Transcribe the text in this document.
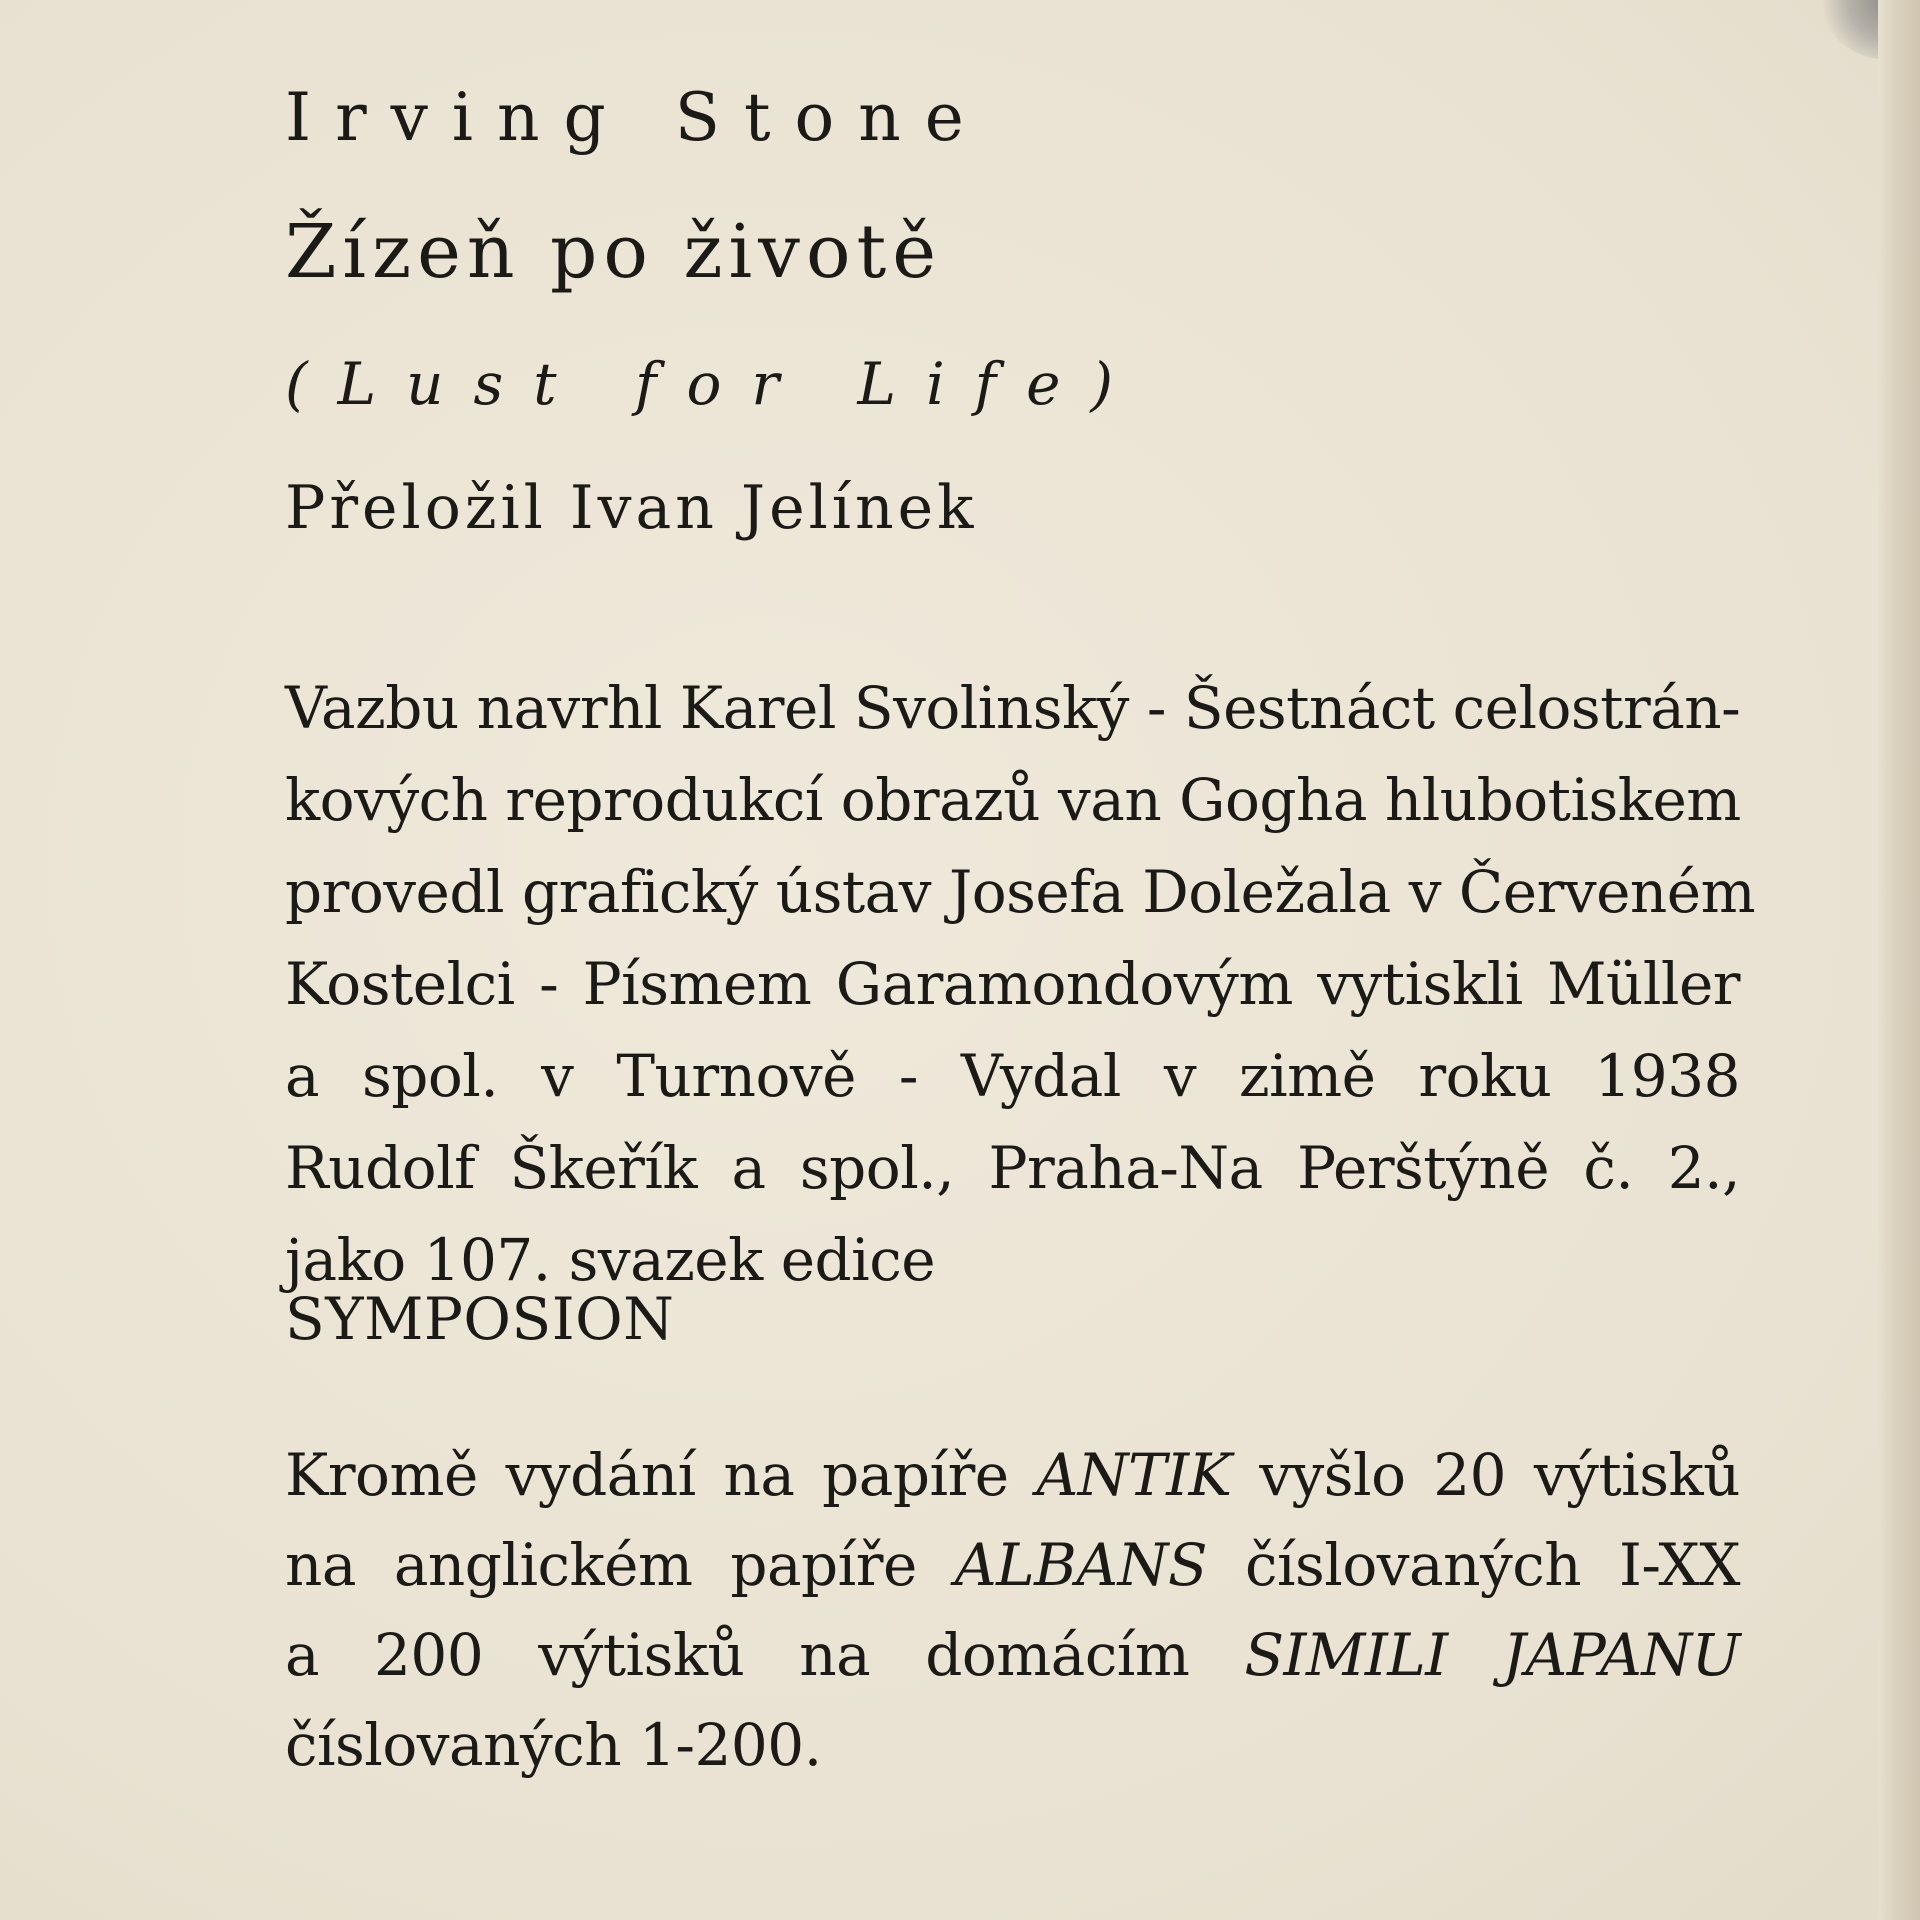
Irving Stone
Žízeň po životě
(Lust for Life)
Přeložil Ivan Jelínek
Vazbu navrhl Karel Svolinský - Šestnáct celostrán-
kových reprodukcí obrazů van Gogha hlubotiskem
provedl grafický ústav Josefa Doležala v Červeném
Kostelci - Písmem Garamondovým vytiskli Müller
a spol. v Turnově - Vydal v zimě roku 1938
Rudolf Škeřík a spol., Praha-Na Perštýně č. 2.,
jako 107. svazek edice
SYMPOSION
Kromě vydání na papíře ANTIK vyšlo 20 výtisků
na anglickém papíře ALBANS číslovaných I-XX
a 200 výtisků na domácím SIMILI JAPANU
číslovaných 1-200.
